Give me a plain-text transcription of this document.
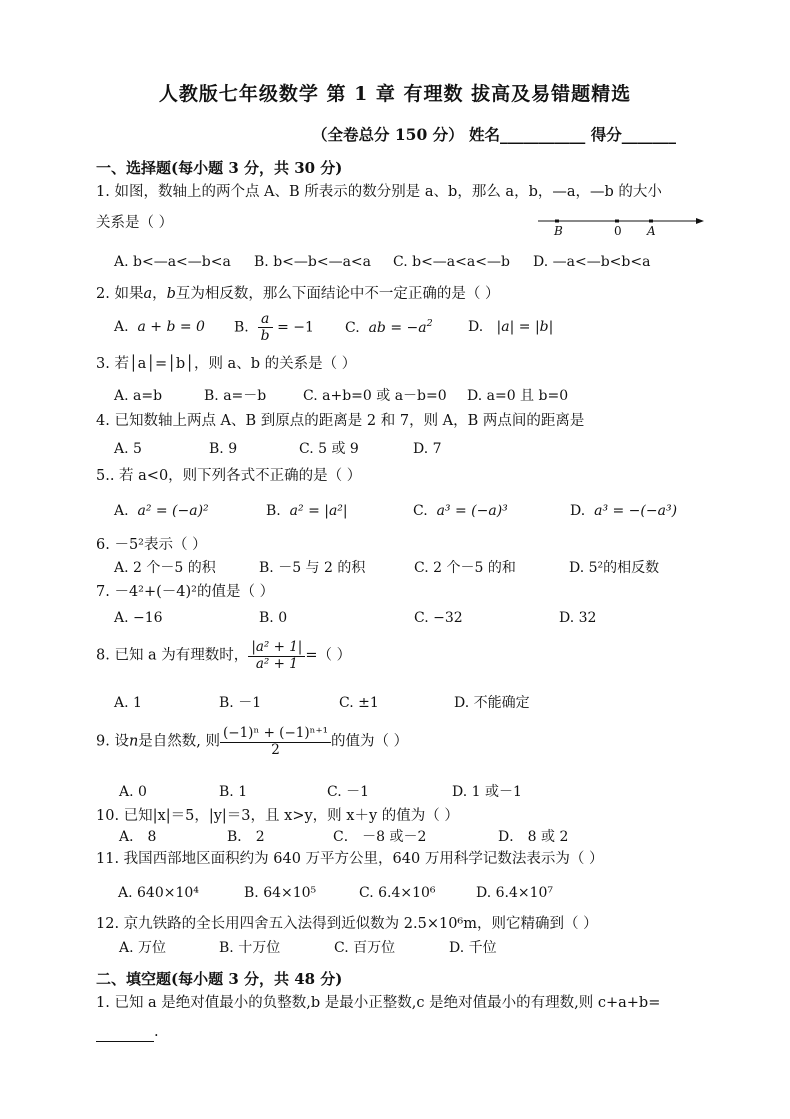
人教版七年级数学 第 1 章 有理数 拔高及易错题精选
（全卷总分 150 分） 姓名___________ 得分_______
一、选择题(每小题 3 分，共 30 分)
1. 如图，数轴上的两个点 A、B 所表示的数分别是 a、b，那么 a，b，—a，—b 的大小
关系是（ ）	B	0 A
A. b<—a<—b<a B. b<—b<—a<a C. b<—a<a<—b D. —a<—b<b<a
2. 如果a，b互为相反数，那么下面结论中不一定正确的是（ ）
A. a + b = 0 B. $\frac{a}{b} = -1$ C. ab = $-a^2$	D. |a| = |b|
3. 若│a│=│b│，则 a、b 的关系是（ ）
A. a=b	B. a=－b	C. a+b=0 或 a－b=0 D. a=0 且 b=0
4. 已知数轴上两点 A、B 到原点的距离是 2 和 7，则 A，B 两点间的距离是
A. 5	B. 9	C. 5 或 9	D. 7
5.. 若 a<0，则下列各式不正确的是（ ）
A. a² = (−a)²	B. a² = |a²|	C. a³ = (−a)³	D. a³ = −(−a³)
6. －5²表示（ ）
A. 2 个－5 的积	B. －5 与 2 的积	C. 2 个－5 的和	D. 5²的相反数
7. －4²+(－4)²的值是（ ）
A. −16	B. 0	C. −32	D. 32
8. 已知 a 为有理数时， $\frac{\text{|a² + 1|}}{\text{a² + 1}}$ =（ ）
A. 1	B. －1	C. ±1	D. 不能确定
9. 设n是自然数, 则 $\frac{\text{(−1)ⁿ + (−1)ⁿ⁺¹}}{2}$ 的值为（ ）
A. 0	B. 1	C. －1	D. 1 或－1
10. 已知|x|＝5，|y|＝3，且 x>y，则 x＋y 的值为（ ）
A． 8	B． 2	C． －8 或－2	D． 8 或 2
11. 我国西部地区面积约为 640 万平方公里，640 万用科学记数法表示为（ ）
A. 640×10⁴	B. 64×10⁵	C. 6.4×10⁶	D. 6.4×10⁷
12. 京九铁路的全长用四舍五入法得到近似数为 2.5×10⁶m，则它精确到（ ）
A. 万位	B. 十万位	C. 百万位	D. 千位
二、填空题(每小题 3 分，共 48 分)
1. 已知 a 是绝对值最小的负整数,b 是最小正整数,c 是绝对值最小的有理数,则 c+a+b=
.
